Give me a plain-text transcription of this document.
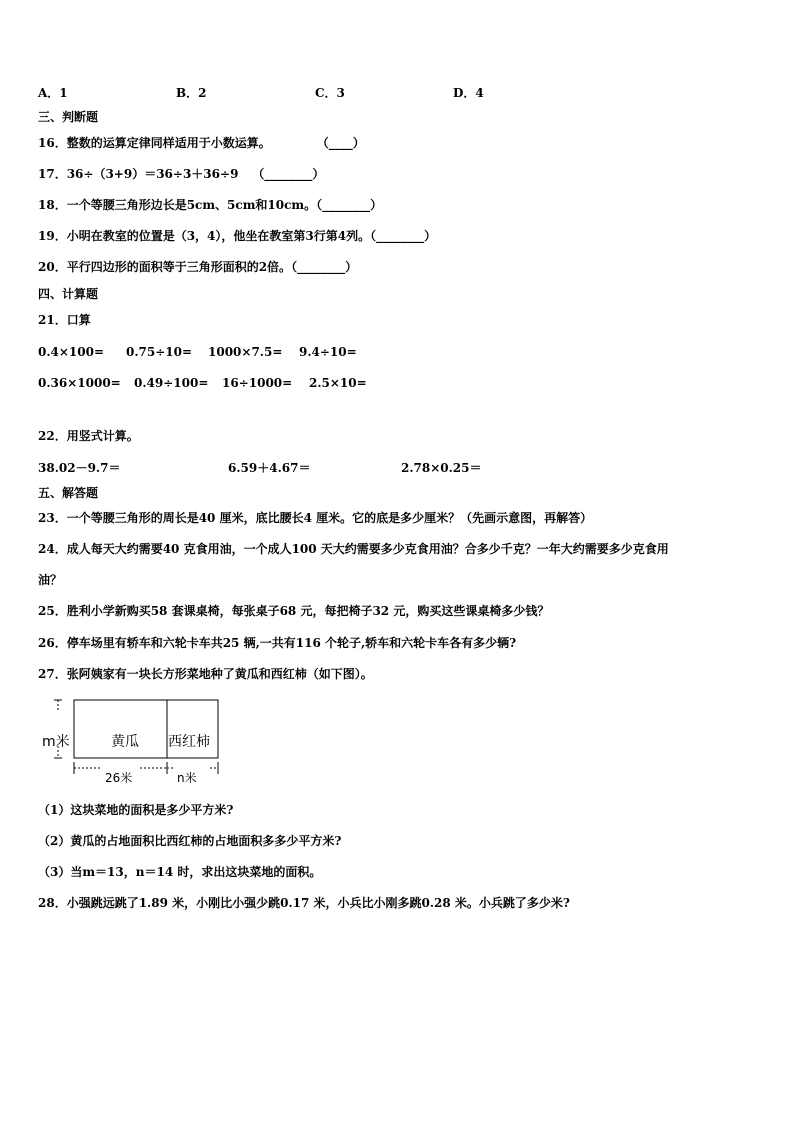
A．1	B．2	C．3	D．4
三、判断题
16．整数的运算定律同样适用于小数运算。	（____）
17．36÷（3+9）＝36÷3＋36÷9 （________）
18．一个等腰三角形边长是5cm、5cm和10cm。（________）
19．小明在教室的位置是（3，4），他坐在教室第3行第4列。（________）
20．平行四边形的面积等于三角形面积的2倍。（________）
四、计算题
21．口算
0.4×100= 0.75÷10= 1000×7.5= 9.4÷10=
0.36×1000= 0.49÷100= 16÷1000= 2.5×10=
22．用竖式计算。
38.02－9.7＝	6.59＋4.67＝	2.78×0.25＝
五、解答题
23．一个等腰三角形的周长是40 厘米，底比腰长4 厘米。它的底是多少厘米？（先画示意图，再解答）
24．成人每天大约需要40 克食用油，一个成人100 天大约需要多少克食用油？合多少千克？一年大约需要多少克食用
油？
25．胜利小学新购买58 套课桌椅，每张桌子68 元，每把椅子32 元，购买这些课桌椅多少钱？
26．停车场里有轿车和六轮卡车共25 辆,一共有116 个轮子,轿车和六轮卡车各有多少辆?
27．张阿姨家有一块长方形菜地种了黄瓜和西红柿（如下图）。
m米	黄瓜 西红柿
26米	n米
（1）这块菜地的面积是多少平方米?
（2）黄瓜的占地面积比西红柿的占地面积多多少平方米?
（3）当m＝13，n＝14 时，求出这块菜地的面积。
28．小强跳远跳了1.89 米，小刚比小强少跳0.17 米，小兵比小刚多跳0.28 米。小兵跳了多少米?
